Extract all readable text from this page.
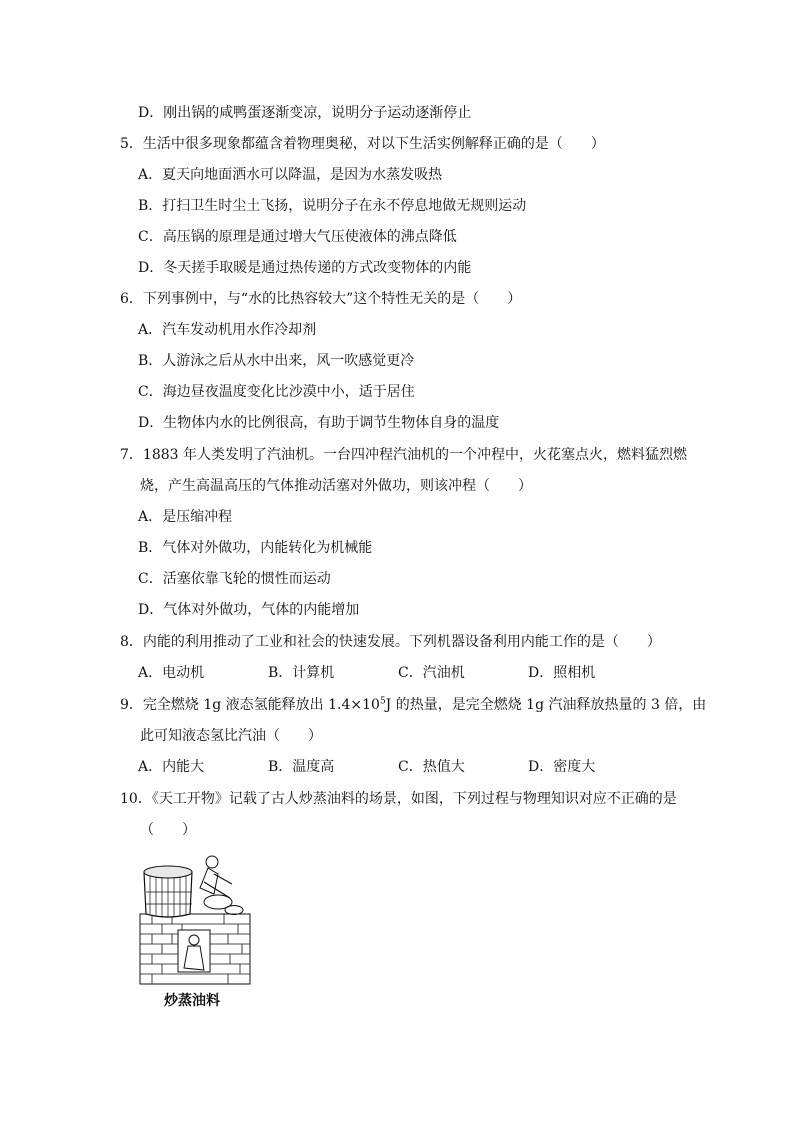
D．刚出锅的咸鸭蛋逐渐变凉，说明分子运动逐渐停止
5．生活中很多现象都蕴含着物理奥秘，对以下生活实例解释正确的是（　　）
A．夏天向地面洒水可以降温，是因为水蒸发吸热
B．打扫卫生时尘土飞扬，说明分子在永不停息地做无规则运动
C．高压锅的原理是通过增大气压使液体的沸点降低
D．冬天搓手取暖是通过热传递的方式改变物体的内能
6．下列事例中，与“水的比热容较大”这个特性无关的是（　　）
A．汽车发动机用水作冷却剂
B．人游泳之后从水中出来，风一吹感觉更冷
C．海边昼夜温度变化比沙漠中小，适于居住
D．生物体内水的比例很高，有助于调节生物体自身的温度
7．1883 年人类发明了汽油机。一台四冲程汽油机的一个冲程中，火花塞点火，燃料猛烈燃
烧，产生高温高压的气体推动活塞对外做功，则该冲程（　　）
A．是压缩冲程
B．气体对外做功，内能转化为机械能
C．活塞依靠飞轮的惯性而运动
D．气体对外做功，气体的内能增加
8．内能的利用推动了工业和社会的快速发展。下列机器设备利用内能工作的是（　　）
A．电动机	B．计算机	C．汽油机	D．照相机
9．完全燃烧 1g 液态氢能释放出 $1.4\times 10^5J$ 的热量，是完全燃烧 1g 汽油释放热量的 3 倍，由
此可知液态氢比汽油（　　）
A．内能大	B．温度高	C．热值大	D．密度大
10．《天工开物》记载了古人炒蒸油料的场景，如图，下列过程与物理知识对应不正确的是
（　　）
炒蒸油料
